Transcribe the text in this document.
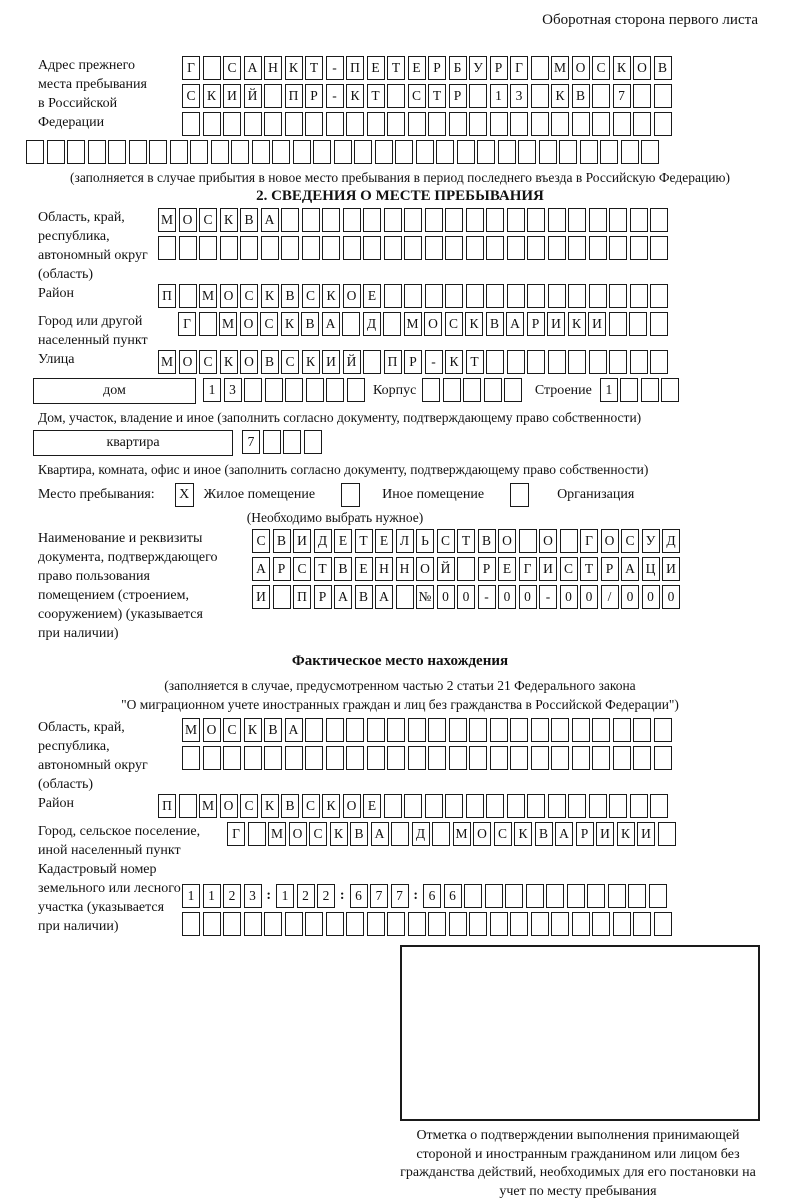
Оборотная сторона первого листа
Адрес прежнего места пребывания в Российской Федерации
Г С А Н К Т - П Е Т Е Р Б У Р Г М О С К О В
С К И Й П Р - К Т С Т Р	1 3 К В 7
(заполняется в случае прибытия в новое место пребывания в период последнего въезда в Российскую Федерацию)
2. СВЕДЕНИЯ О МЕСТЕ ПРЕБЫВАНИЯ
Область, край, республика, автономный округ (область)
М О С К В А
Район	П М О С К В С К О Е
Город или другой населенный пункт
Г М О С К В А Д М О С К В А Р И К И
Улица	М О С К О В С К И Й П Р - К Т
дом	1 3	Корпус	Строение	1
Дом, участок, владение и иное (заполнить согласно документу, подтверждающему право собственности)
квартира	7
Квартира, комната, офис и иное (заполнить согласно документу, подтверждающему право собственности)
Место пребывания:	X	Жилое помещение	Иное помещение	Организация
(Необходимо выбрать нужное)
Наименование и реквизиты документа, подтверждающего право пользования помещением (строением, сооружением) (указывается при наличии)
С В И Д Е Т Е Л Ь С Т В О О Г О С У Д
А Р С Т В Е Н Н О Й Р Е Г И С Т Р А Ц И
И П Р А В А № 0 0 - 0 0 - 0 0 / 0 0 0
Фактическое место нахождения
(заполняется в случае, предусмотренном частью 2 статьи 21 Федерального закона
"О миграционном учете иностранных граждан и лиц без гражданства в Российской Федерации")
Область, край, республика, автономный округ (область)
М О С К В А
Район	П М О С К В С К О Е
Город, сельское поселение, иной населенный пункт
Г М О С К В А Д М О С К В А Р И К И
Кадастровый номер земельного или лесного участка (указывается при наличии)
1 1 2 3 : 1 2 2 : 6 7 7 : 6 6
Отметка о подтверждении выполнения принимающей стороной и иностранным гражданином или лицом без гражданства действий, необходимых для его постановки на учет по месту пребывания
